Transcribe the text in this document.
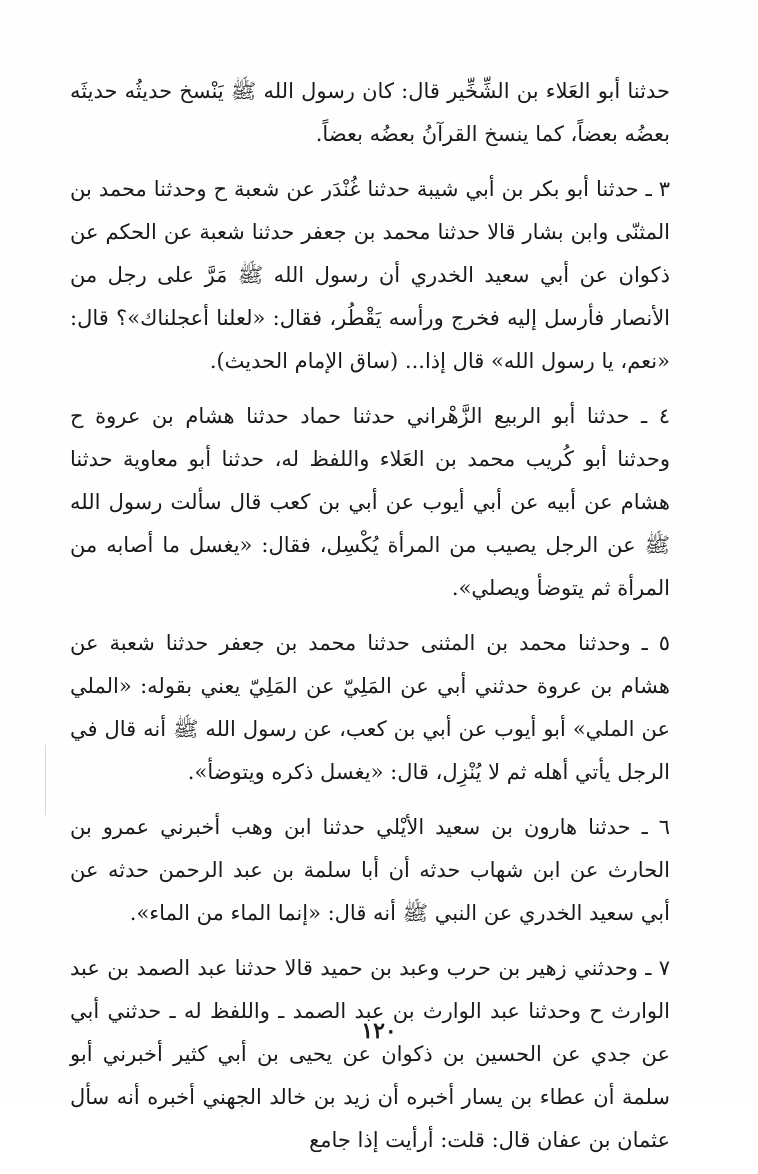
حدثنا أبو العَلاء بن الشِّخِّير قال: كان رسول الله ﷺ يَنْسخ حديثُه حديثَه بعضُه بعضاً، كما ينسخ القرآنُ بعضُه بعضاً.

٣ ـ حدثنا أبو بكر بن أبي شيبة حدثنا غُنْدَر عن شعبة ح وحدثنا محمد بن المثنّى وابن بشار قالا حدثنا محمد بن جعفر حدثنا شعبة عن الحكم عن ذكوان عن أبي سعيد الخدري أن رسول الله ﷺ مَرَّ على رجل من الأنصار فأرسل إليه فخرج ورأسه يَقْطُر، فقال: «لعلنا أعجلناك»؟ قال: «نعم، يا رسول الله» قال إذا... (ساق الإمام الحديث).

٤ ـ حدثنا أبو الربيع الزَّهْراني حدثنا حماد حدثنا هشام بن عروة ح وحدثنا أبو كُريب محمد بن العَلاء واللفظ له، حدثنا أبو معاوية حدثنا هشام عن أبيه عن أبي أيوب عن أبي بن كعب قال سألت رسول الله ﷺ عن الرجل يصيب من المرأة يُكْسِل، فقال: «يغسل ما أصابه من المرأة ثم يتوضأ ويصلي».

٥ ـ وحدثنا محمد بن المثنى حدثنا محمد بن جعفر حدثنا شعبة عن هشام بن عروة حدثني أبي عن المَلِيّ عن المَلِيّ يعني بقوله: «الملي عن الملي» أبو أيوب عن أبي بن كعب، عن رسول الله ﷺ أنه قال في الرجل يأتي أهله ثم لا يُنْزِل، قال: «يغسل ذكره ويتوضأ».

٦ ـ حدثنا هارون بن سعيد الأيْلي حدثنا ابن وهب أخبرني عمرو بن الحارث عن ابن شهاب حدثه أن أبا سلمة بن عبد الرحمن حدثه عن أبي سعيد الخدري عن النبي ﷺ أنه قال: «إنما الماء من الماء».

٧ ـ وحدثني زهير بن حرب وعبد بن حميد قالا حدثنا عبد الصمد بن عبد الوارث ح وحدثنا عبد الوارث بن عبد الصمد ـ واللفظ له ـ حدثني أبي عن جدي عن الحسين بن ذكوان عن يحيى بن أبي كثير أخبرني أبو سلمة أن عطاء بن يسار أخبره أن زيد بن خالد الجهني أخبره أنه سأل عثمان بن عفان قال: قلت: أرأيت إذا جامع

١٢٠
